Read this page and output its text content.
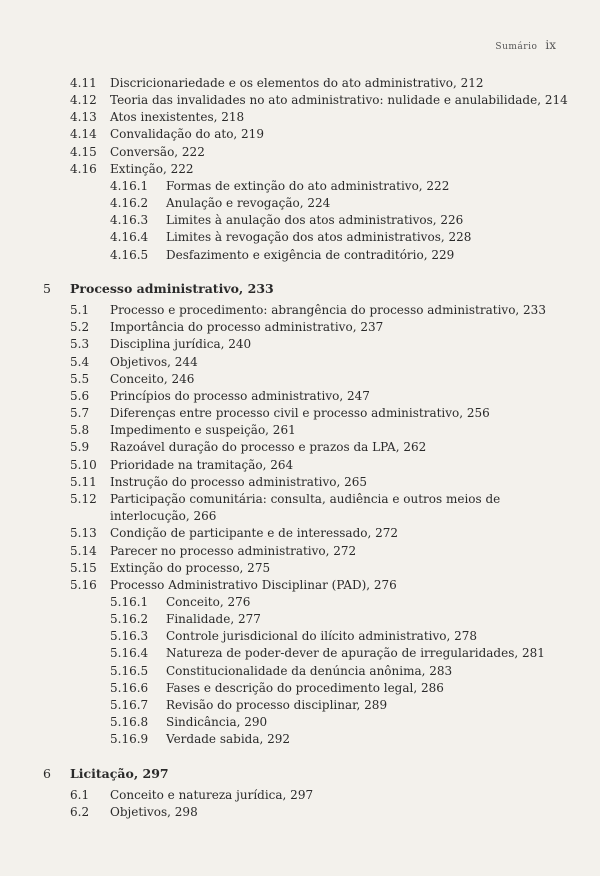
Sumário ix
4.11 Discricionariedade e os elementos do ato administrativo, 212
4.12 Teoria das invalidades no ato administrativo: nulidade e anulabilidade, 214
4.13 Atos inexistentes, 218
4.14 Convalidação do ato, 219
4.15 Conversão, 222
4.16 Extinção, 222
4.16.1 Formas de extinção do ato administrativo, 222
4.16.2 Anulação e revogação, 224
4.16.3 Limites à anulação dos atos administrativos, 226
4.16.4 Limites à revogação dos atos administrativos, 228
4.16.5 Desfazimento e exigência de contraditório, 229
5 Processo administrativo, 233
5.1 Processo e procedimento: abrangência do processo administrativo, 233
5.2 Importância do processo administrativo, 237
5.3 Disciplina jurídica, 240
5.4 Objetivos, 244
5.5 Conceito, 246
5.6 Princípios do processo administrativo, 247
5.7 Diferenças entre processo civil e processo administrativo, 256
5.8 Impedimento e suspeição, 261
5.9 Razoável duração do processo e prazos da LPA, 262
5.10 Prioridade na tramitação, 264
5.11 Instrução do processo administrativo, 265
5.12 Participação comunitária: consulta, audiência e outros meios de
interlocução, 266
5.13 Condição de participante e de interessado, 272
5.14 Parecer no processo administrativo, 272
5.15 Extinção do processo, 275
5.16 Processo Administrativo Disciplinar (PAD), 276
5.16.1 Conceito, 276
5.16.2 Finalidade, 277
5.16.3 Controle jurisdicional do ilícito administrativo, 278
5.16.4 Natureza de poder-dever de apuração de irregularidades, 281
5.16.5 Constitucionalidade da denúncia anônima, 283
5.16.6 Fases e descrição do procedimento legal, 286
5.16.7 Revisão do processo disciplinar, 289
5.16.8 Sindicância, 290
5.16.9 Verdade sabida, 292
6 Licitação, 297
6.1 Conceito e natureza jurídica, 297
6.2 Objetivos, 298
